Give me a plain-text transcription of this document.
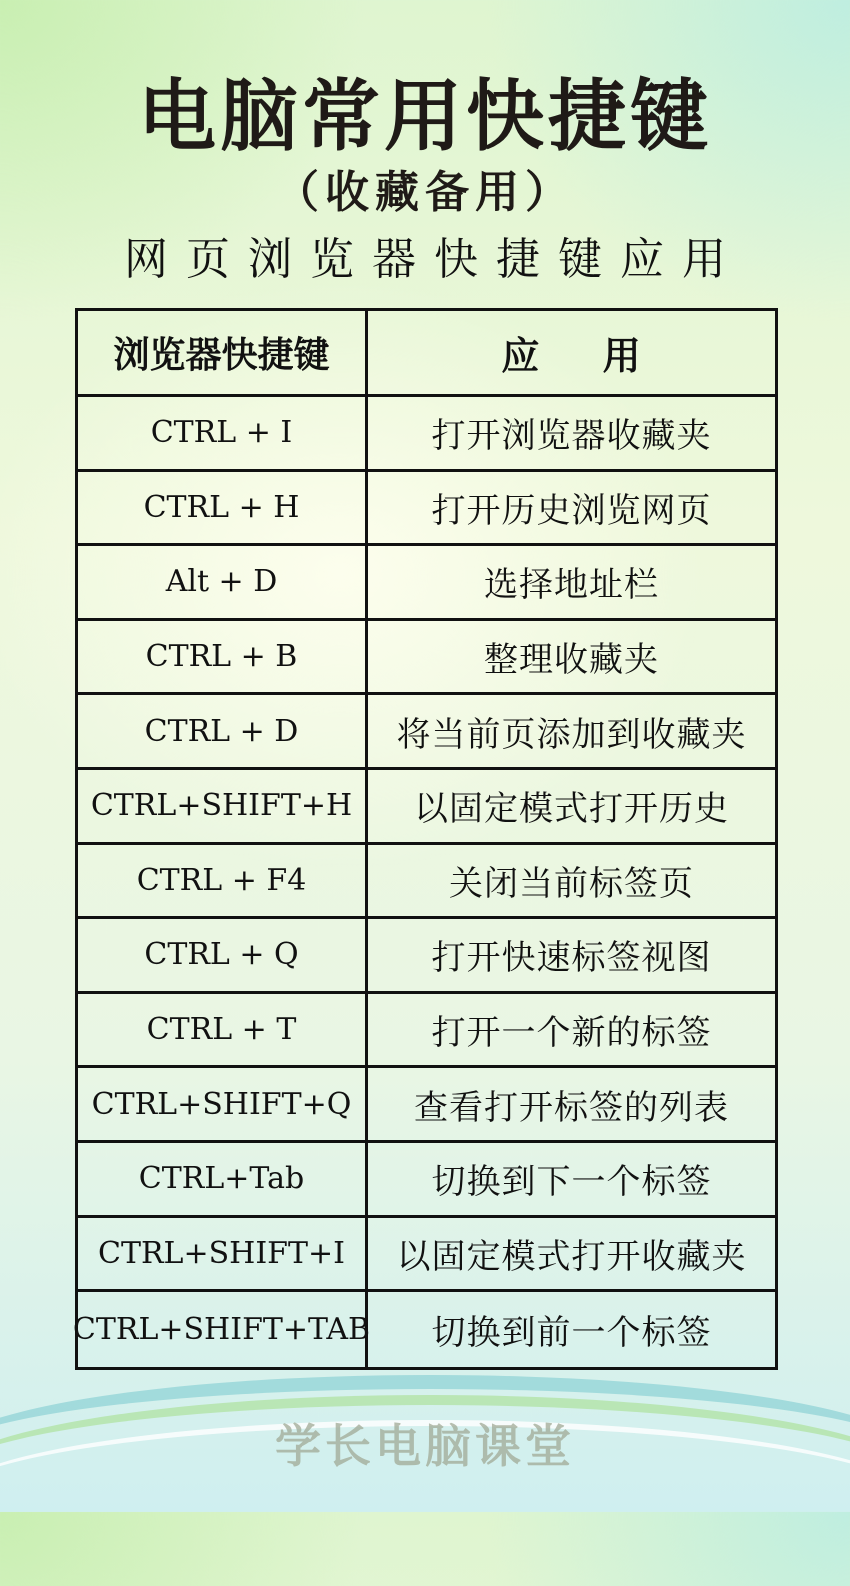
电脑常用快捷键
（收藏备用）
网页浏览器快捷键应用
浏览器快捷键	应 用
CTRL + I	打开浏览器收藏夹
CTRL + H	打开历史浏览网页
Alt + D	选择地址栏
CTRL + B	整理收藏夹
CTRL + D	将当前页添加到收藏夹
CTRL+SHIFT+H	以固定模式打开历史
CTRL + F4	关闭当前标签页
CTRL + Q	打开快速标签视图
CTRL + T	打开一个新的标签
CTRL+SHIFT+Q	查看打开标签的列表
CTRL+Tab	切换到下一个标签
CTRL+SHIFT+I	以固定模式打开收藏夹
CTRL+SHIFT+TAB	切换到前一个标签
学长电脑课堂
